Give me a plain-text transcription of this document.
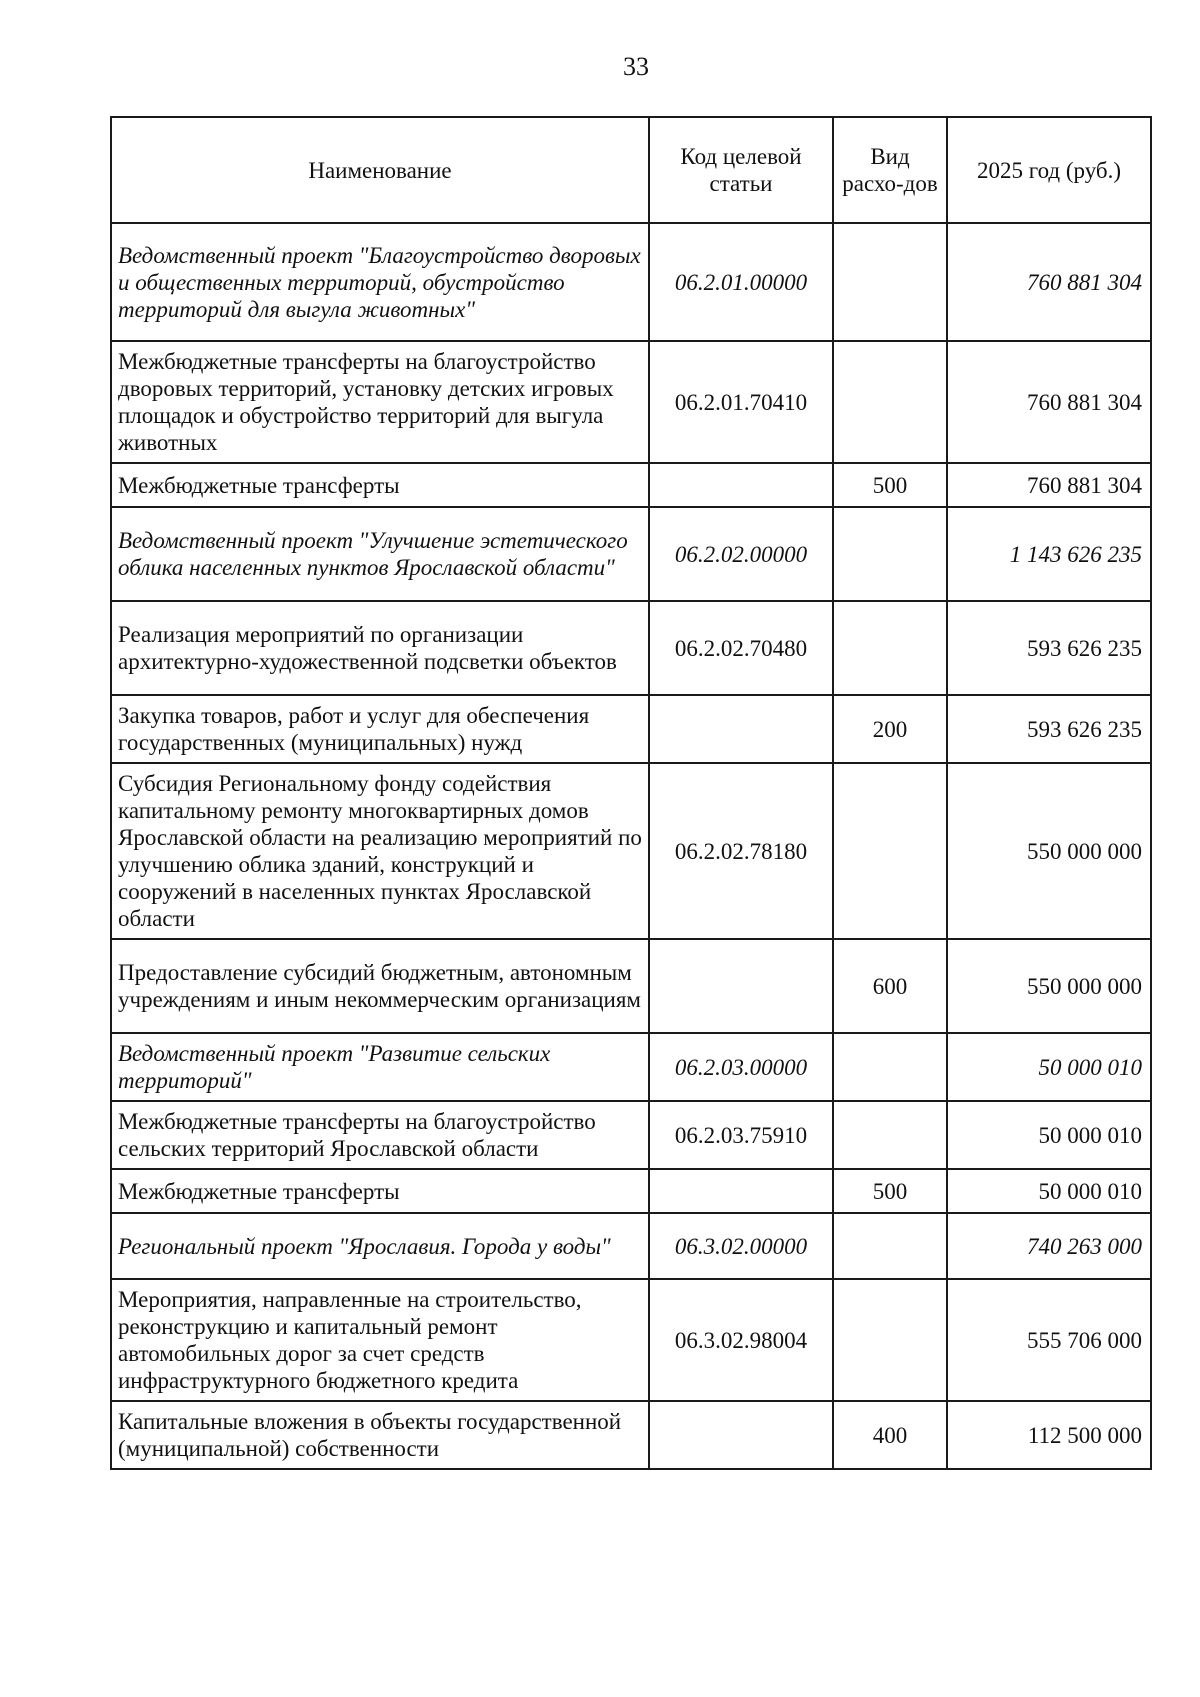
33
Наименование	Код целевой статьи	Вид расхо-дов	2025 год (руб.)
Ведомственный проект "Благоустройство дворовых и общественных территорий, обустройство территорий для выгула животных"	06.2.01.00000		760 881 304
Межбюджетные трансферты на благоустройство дворовых территорий, установку детских игровых площадок и обустройство территорий для выгула животных	06.2.01.70410		760 881 304
Межбюджетные трансферты		500	760 881 304
Ведомственный проект "Улучшение эстетического облика населенных пунктов Ярославской области"	06.2.02.00000		1 143 626 235
Реализация мероприятий по организации архитектурно-художественной подсветки объектов	06.2.02.70480		593 626 235
Закупка товаров, работ и услуг для обеспечения государственных (муниципальных) нужд		200	593 626 235
Субсидия Региональному фонду содействия капитальному ремонту многоквартирных домов Ярославской области на реализацию мероприятий по улучшению облика зданий, конструкций и сооружений в населенных пунктах Ярославской области	06.2.02.78180		550 000 000
Предоставление субсидий бюджетным, автономным учреждениям и иным некоммерческим организациям		600	550 000 000
Ведомственный проект "Развитие сельских территорий"	06.2.03.00000		50 000 010
Межбюджетные трансферты на благоустройство сельских территорий Ярославской области	06.2.03.75910		50 000 010
Межбюджетные трансферты		500	50 000 010
Региональный проект "Ярославия. Города у воды"	06.3.02.00000		740 263 000
Мероприятия, направленные на строительство, реконструкцию и капитальный ремонт автомобильных дорог за счет средств инфраструктурного бюджетного кредита	06.3.02.98004		555 706 000
Капитальные вложения в объекты государственной (муниципальной) собственности		400	112 500 000
